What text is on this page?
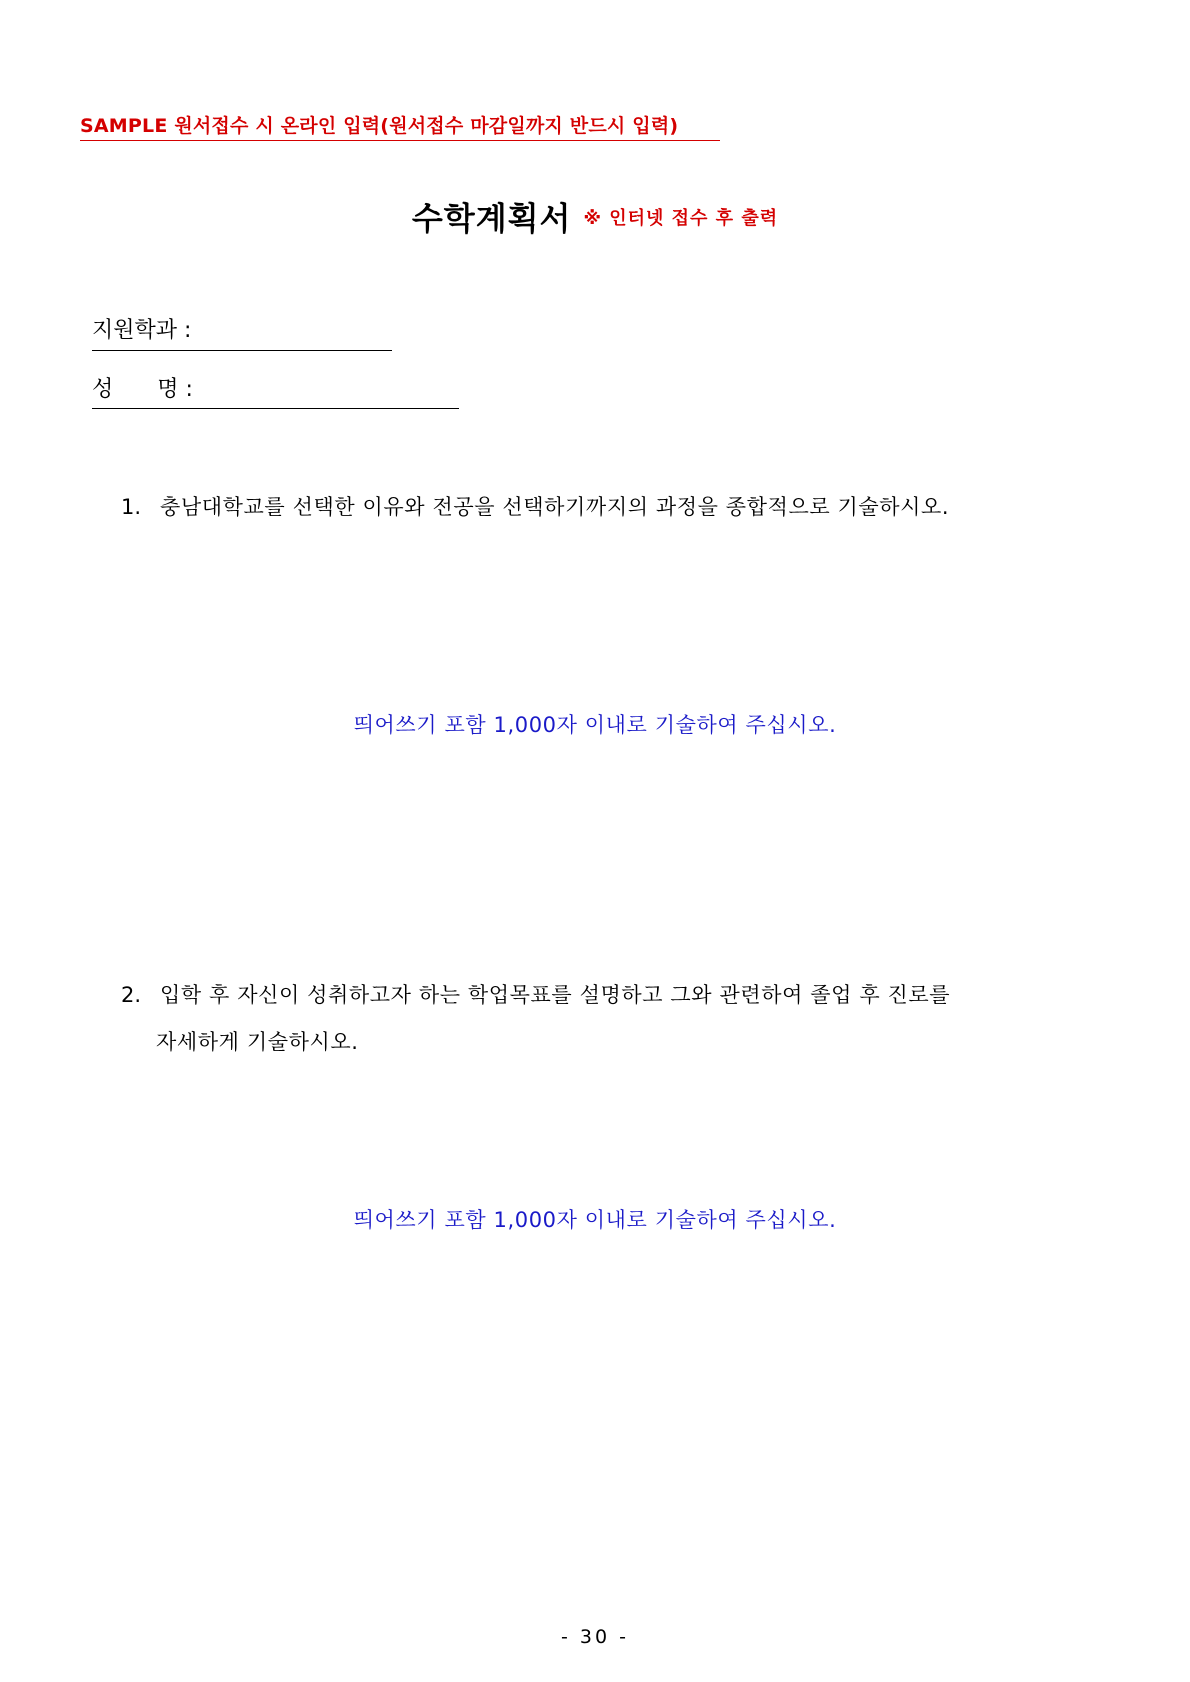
SAMPLE 원서접수 시 온라인 입력(원서접수 마감일까지 반드시 입력)
수학계획서 ※ 인터넷 접수 후 출력
지원학과 :
성　　명 :
1. 충남대학교를 선택한 이유와 전공을 선택하기까지의 과정을 종합적으로 기술하시오.
띄어쓰기 포함 1,000자 이내로 기술하여 주십시오.
2. 입학 후 자신이 성취하고자 하는 학업목표를 설명하고 그와 관련하여 졸업 후 진로를
자세하게 기술하시오.
띄어쓰기 포함 1,000자 이내로 기술하여 주십시오.
- 30 -
